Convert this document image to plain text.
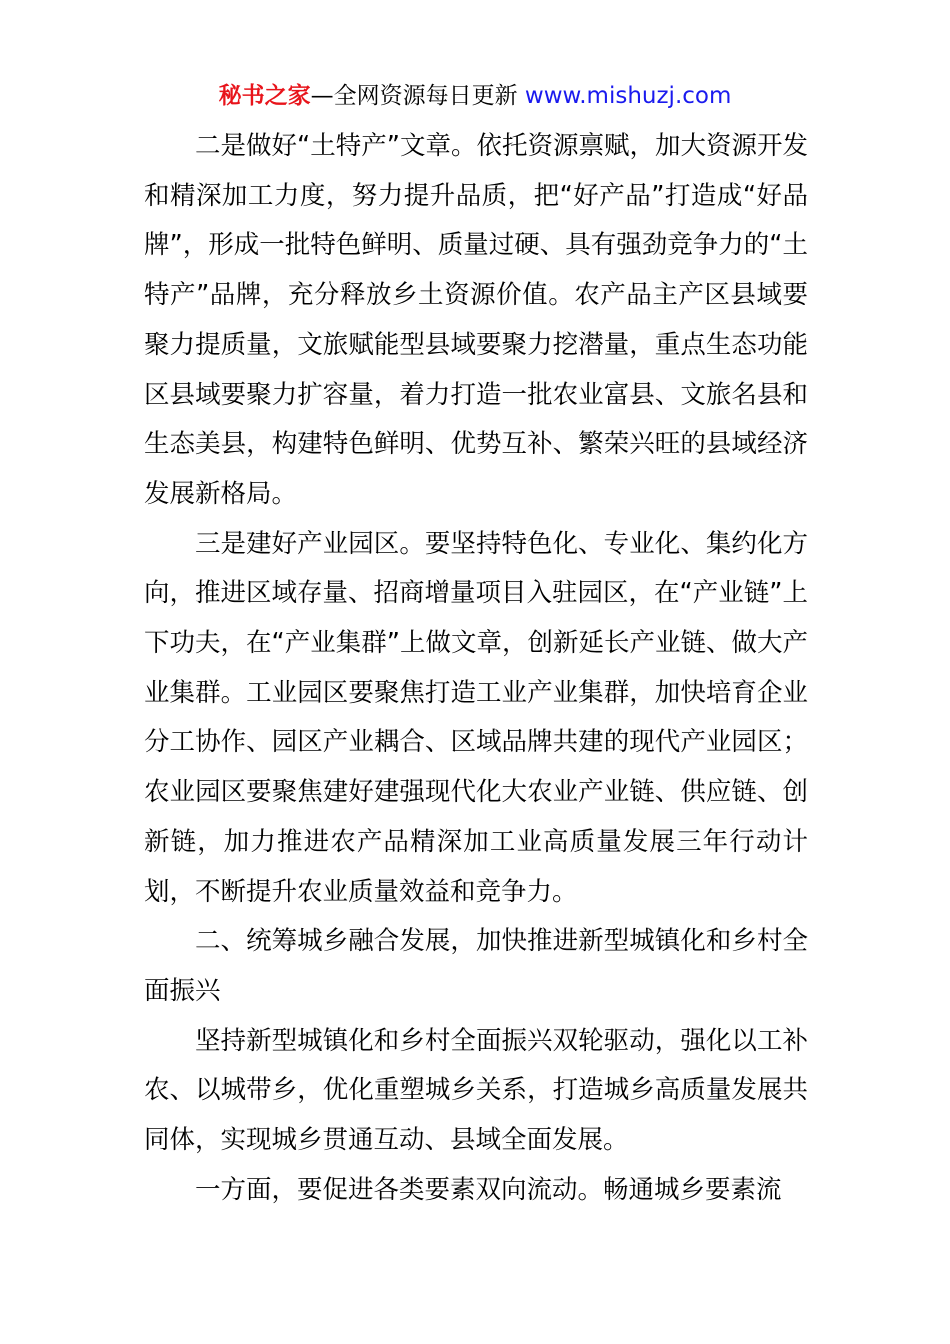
秘书之家—全网资源每日更新 www.mishuzj.com

二是做好“土特产”文章。依托资源禀赋，加大资源开发和精深加工力度，努力提升品质，把“好产品”打造成“好品牌”，形成一批特色鲜明、质量过硬、具有强劲竞争力的“土特产”品牌，充分释放乡土资源价值。农产品主产区县域要聚力提质量，文旅赋能型县域要聚力挖潜量，重点生态功能区县域要聚力扩容量，着力打造一批农业富县、文旅名县和生态美县，构建特色鲜明、优势互补、繁荣兴旺的县域经济发展新格局。

三是建好产业园区。要坚持特色化、专业化、集约化方向，推进区域存量、招商增量项目入驻园区，在“产业链”上下功夫，在“产业集群”上做文章，创新延长产业链、做大产业集群。工业园区要聚焦打造工业产业集群，加快培育企业分工协作、园区产业耦合、区域品牌共建的现代产业园区；农业园区要聚焦建好建强现代化大农业产业链、供应链、创新链，加力推进农产品精深加工业高质量发展三年行动计划，不断提升农业质量效益和竞争力。

二、统筹城乡融合发展，加快推进新型城镇化和乡村全面振兴

坚持新型城镇化和乡村全面振兴双轮驱动，强化以工补农、以城带乡，优化重塑城乡关系，打造城乡高质量发展共同体，实现城乡贯通互动、县域全面发展。

一方面，要促进各类要素双向流动。畅通城乡要素流
